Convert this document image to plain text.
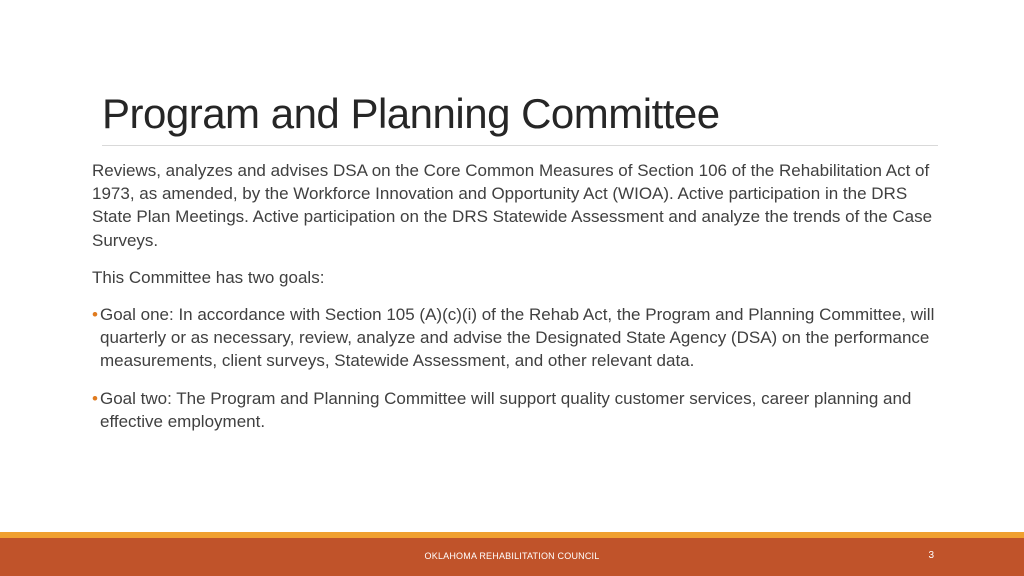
Program and Planning Committee

Reviews, analyzes and advises DSA on the Core Common Measures of Section 106 of the Rehabilitation Act of 1973, as amended, by the Workforce Innovation and Opportunity Act (WIOA). Active participation in the DRS State Plan Meetings. Active participation on the DRS Statewide Assessment and analyze the trends of the Case Surveys.

This Committee has two goals:

• Goal one: In accordance with Section 105 (A)(c)(i) of the Rehab Act, the Program and Planning Committee, will quarterly or as necessary, review, analyze and advise the Designated State Agency (DSA) on the performance measurements, client surveys, Statewide Assessment, and other relevant data.
• Goal two: The Program and Planning Committee will support quality customer services, career planning and effective employment.
OKLAHOMA REHABILITATION COUNCIL	3
